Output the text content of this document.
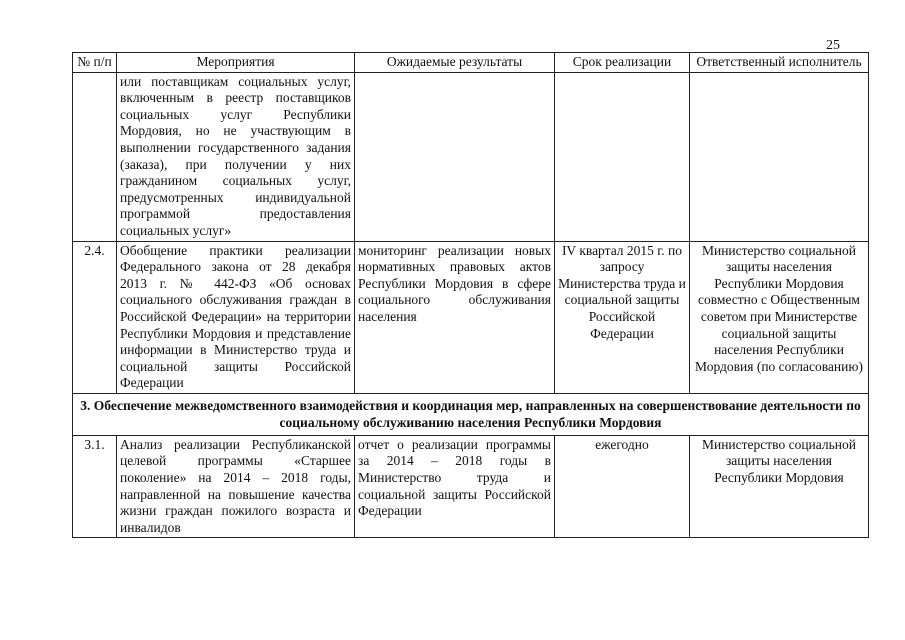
25
№ п/п	Мероприятия	Ожидаемые результаты	Срок реализации	Ответственный исполнитель
	или поставщикам социальных услуг, включенным в реестр поставщиков социальных услуг Республики Мордовия, но не участвующим в выполнении государственного задания (заказа), при получении у них гражданином социальных услуг, предусмотренных индивидуальной программой предоставления социальных услуг»			
2.4.	Обобщение практики реализации Федерального закона от 28 декабря 2013 г. № 442-ФЗ «Об основах социального обслуживания граждан в Российской Федерации» на территории Республики Мордовия и представление информации в Министерство труда и социальной защиты Российской Федерации	мониторинг реализации новых нормативных правовых актов Республики Мордовия в сфере социального обслуживания населения	IV квартал 2015 г. по запросу Министерства труда и социальной защиты Российской Федерации	Министерство социальной защиты населения Республики Мордовия совместно с Общественным советом при Министерстве социальной защиты населения Республики Мордовия (по согласованию)
3. Обеспечение межведомственного взаимодействия и координация мер, направленных на совершенствование деятельности по социальному обслуживанию населения Республики Мордовия				
3.1.	Анализ реализации Республиканской целевой программы «Старшее поколение» на 2014 – 2018 годы, направленной на повышение качества жизни граждан пожилого возраста и инвалидов	отчет о реализации программы за 2014 – 2018 годы в Министерство труда и социальной защиты Российской Федерации	ежегодно	Министерство социальной защиты населения Республики Мордовия
